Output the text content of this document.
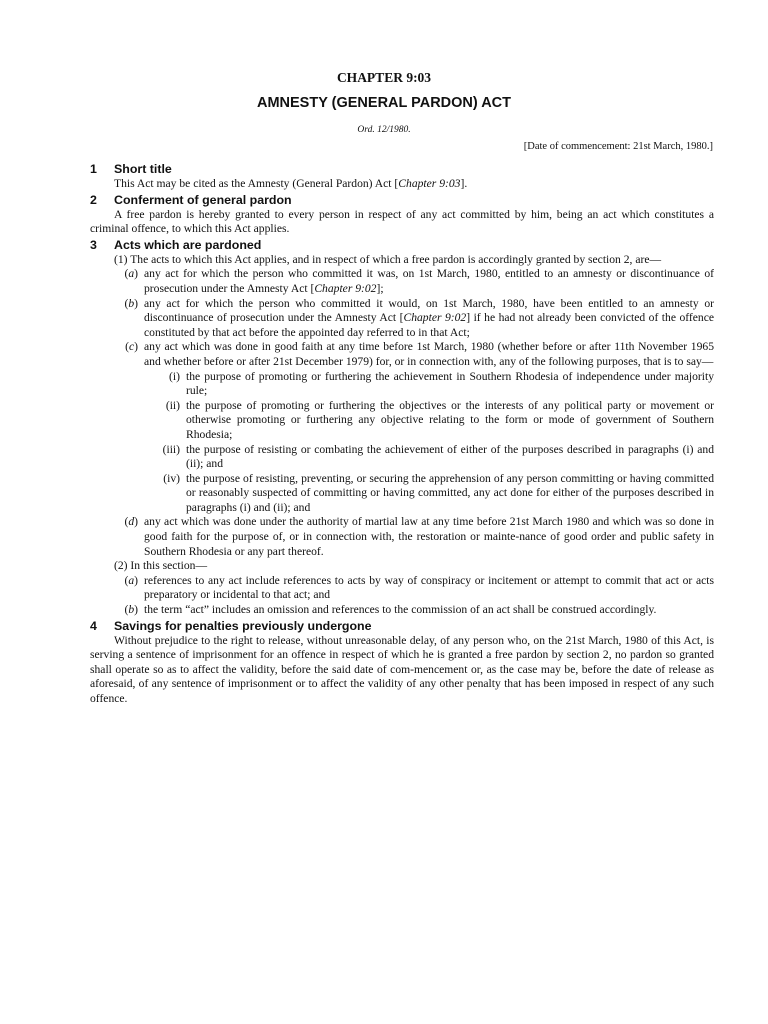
CHAPTER 9:03
AMNESTY (GENERAL PARDON) ACT
Ord. 12/1980.
[Date of commencement: 21st March, 1980.]
1	Short title

This Act may be cited as the Amnesty (General Pardon) Act [Chapter 9:03].

2	Conferment of general pardon

A free pardon is hereby granted to every person in respect of any act committed by him, being an act which constitutes a criminal offence, to which this Act applies.

3	Acts which are pardoned

(1) The acts to which this Act applies, and in respect of which a free pardon is accordingly granted by section 2, are—

(a) any act for which the person who committed it was, on 1st March, 1980, entitled to an amnesty or discontinuance of prosecution under the Amnesty Act [Chapter 9:02];
(b) any act for which the person who committed it would, on 1st March, 1980, have been entitled to an amnesty or discontinuance of prosecution under the Amnesty Act [Chapter 9:02] if he had not already been convicted of the offence constituted by that act before the appointed day referred to in that Act;
(c) any act which was done in good faith at any time before 1st March, 1980 (whether before or after 11th November 1965 and whether before or after 21st December 1979) for, or in connection with, any of the following purposes, that is to say—
(i) the purpose of promoting or furthering the achievement in Southern Rhodesia of independence under majority rule;
(ii) the purpose of promoting or furthering the objectives or the interests of any political party or movement or otherwise promoting or furthering any objective relating to the form or mode of government of Southern Rhodesia;
(iii) the purpose of resisting or combating the achievement of either of the purposes described in paragraphs (i) and (ii); and
(iv) the purpose of resisting, preventing, or securing the apprehension of any person committing or having committed or reasonably suspected of committing or having committed, any act done for either of the purposes described in paragraphs (i) and (ii); and
(d) any act which was done under the authority of martial law at any time before 21st March 1980 and which was so done in good faith for the purpose of, or in connection with, the restoration or mainte-nance of good order and public safety in Southern Rhodesia or any part thereof.

(2) In this section—

(a) references to any act include references to acts by way of conspiracy or incitement or attempt to commit that act or acts preparatory or incidental to that act; and
(b) the term “act” includes an omission and references to the commission of an act shall be construed accordingly.
4	Savings for penalties previously undergone

Without prejudice to the right to release, without unreasonable delay, of any person who, on the 21st March, 1980 of this Act, is serving a sentence of imprisonment for an offence in respect of which he is granted a free pardon by section 2, no pardon so granted shall operate so as to affect the validity, before the said date of com-mencement or, as the case may be, before the date of release as aforesaid, of any sentence of imprisonment or to affect the validity of any other penalty that has been imposed in respect of any such offence.
